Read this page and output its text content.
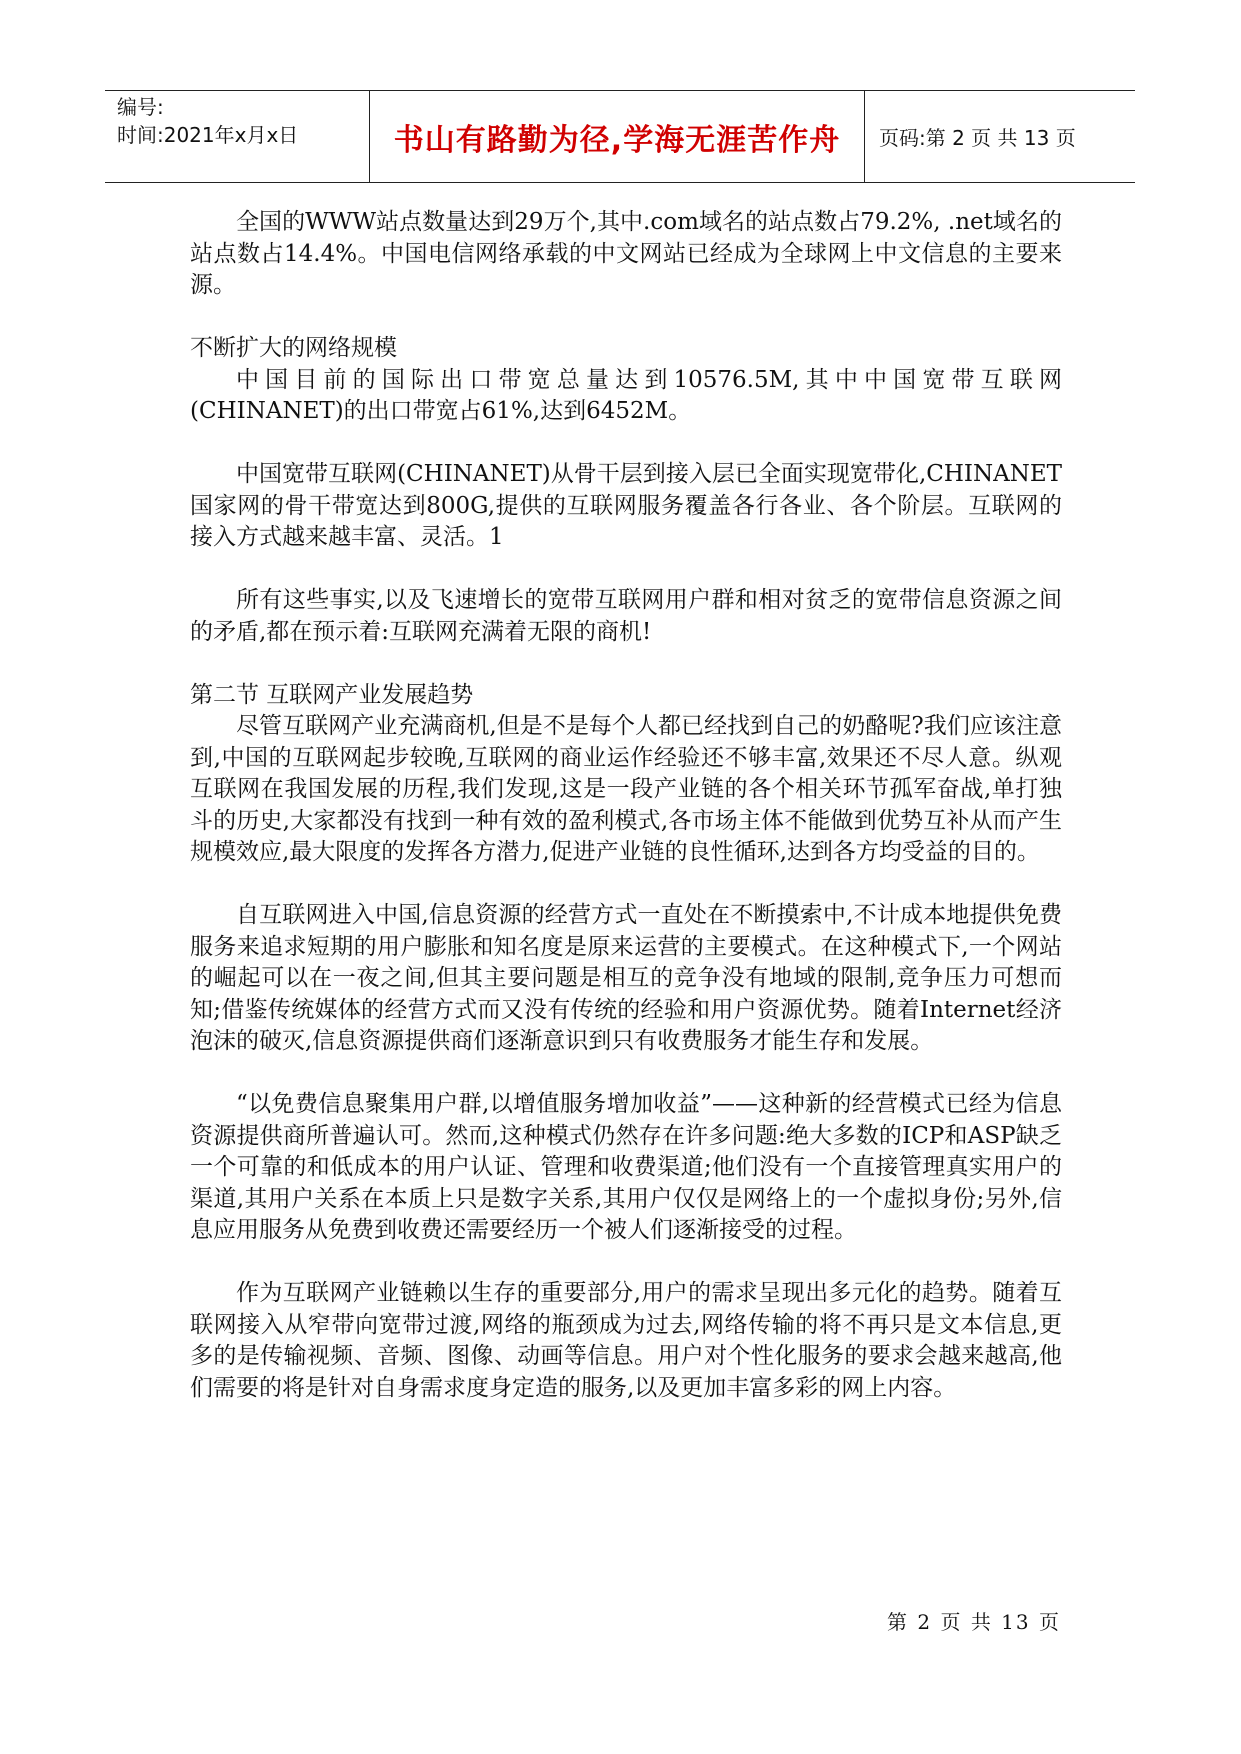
编号:
时间:2021年x月x日	书山有路勤为径,学海无涯苦作舟	页码:第 2 页 共 13 页

全国的WWW站点数量达到29万个,其中.com域名的站点数占79.2%, .net域名的站点数占14.4%。中国电信网络承载的中文网站已经成为全球网上中文信息的主要来源。

不断扩大的网络规模

中国目前的国际出口带宽总量达到10576.5M,其中中国宽带互联网(CHINANET)的出口带宽占61%,达到6452M。

中国宽带互联网(CHINANET)从骨干层到接入层已全面实现宽带化,CHINANET国家网的骨干带宽达到800G,提供的互联网服务覆盖各行各业、各个阶层。互联网的接入方式越来越丰富、灵活。1

所有这些事实,以及飞速增长的宽带互联网用户群和相对贫乏的宽带信息资源之间的矛盾,都在预示着:互联网充满着无限的商机!

第二节 互联网产业发展趋势

尽管互联网产业充满商机,但是不是每个人都已经找到自己的奶酪呢?我们应该注意到,中国的互联网起步较晚,互联网的商业运作经验还不够丰富,效果还不尽人意。纵观互联网在我国发展的历程,我们发现,这是一段产业链的各个相关环节孤军奋战,单打独斗的历史,大家都没有找到一种有效的盈利模式,各市场主体不能做到优势互补从而产生规模效应,最大限度的发挥各方潜力,促进产业链的良性循环,达到各方均受益的目的。

自互联网进入中国,信息资源的经营方式一直处在不断摸索中,不计成本地提供免费服务来追求短期的用户膨胀和知名度是原来运营的主要模式。在这种模式下,一个网站的崛起可以在一夜之间,但其主要问题是相互的竞争没有地域的限制,竞争压力可想而知;借鉴传统媒体的经营方式而又没有传统的经验和用户资源优势。随着Internet经济泡沫的破灭,信息资源提供商们逐渐意识到只有收费服务才能生存和发展。

“以免费信息聚集用户群,以增值服务增加收益”——这种新的经营模式已经为信息资源提供商所普遍认可。然而,这种模式仍然存在许多问题:绝大多数的ICP和ASP缺乏一个可靠的和低成本的用户认证、管理和收费渠道;他们没有一个直接管理真实用户的渠道,其用户关系在本质上只是数字关系,其用户仅仅是网络上的一个虚拟身份;另外,信息应用服务从免费到收费还需要经历一个被人们逐渐接受的过程。

作为互联网产业链赖以生存的重要部分,用户的需求呈现出多元化的趋势。随着互联网接入从窄带向宽带过渡,网络的瓶颈成为过去,网络传输的将不再只是文本信息,更多的是传输视频、音频、图像、动画等信息。用户对个性化服务的要求会越来越高,他们需要的将是针对自身需求度身定造的服务,以及更加丰富多彩的网上内容。

第 2 页 共 13 页
